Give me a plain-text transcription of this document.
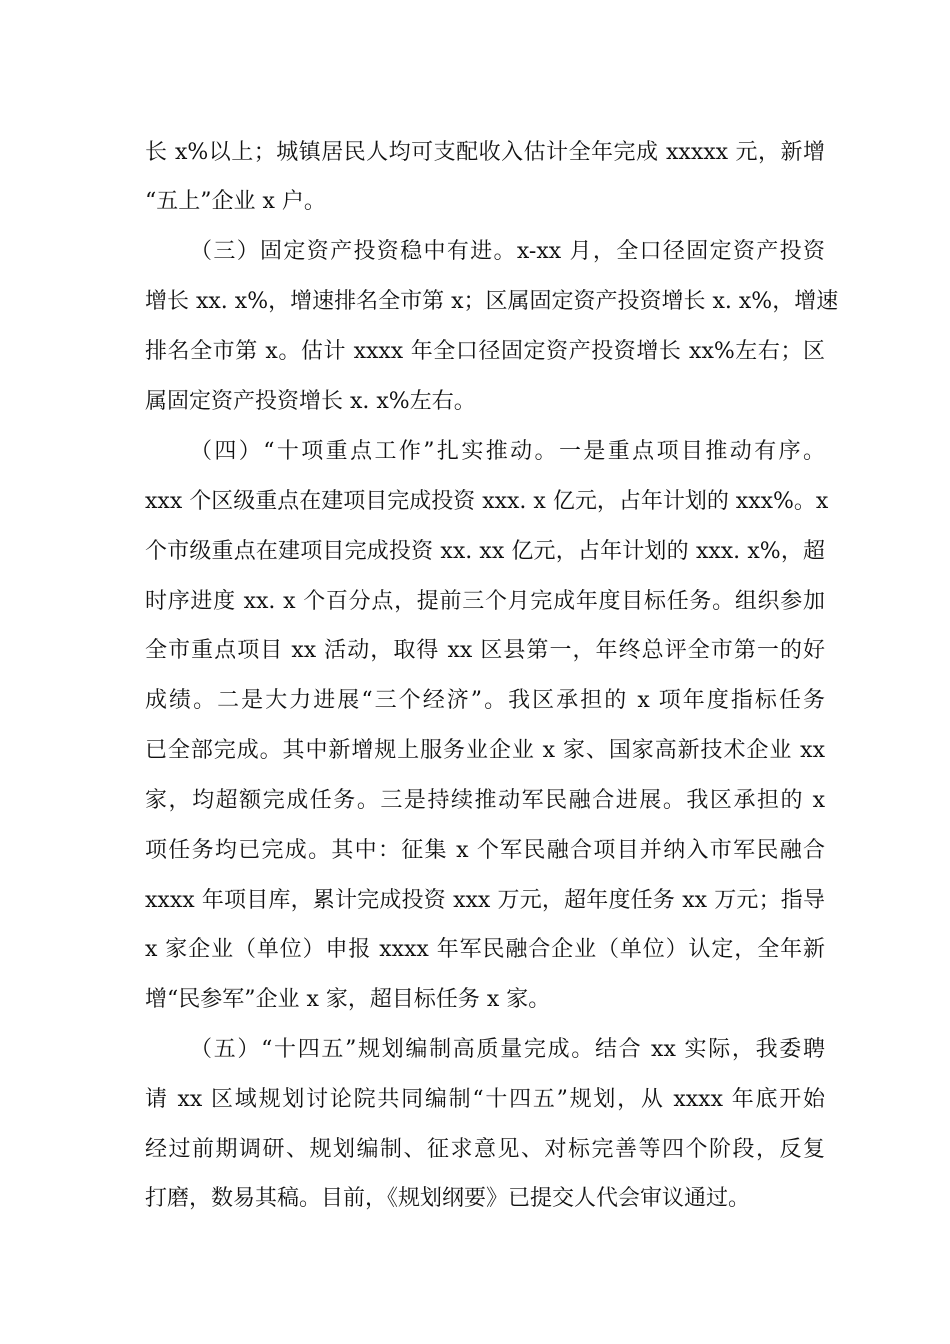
长 x%以上；城镇居民人均可支配收入估计全年完成 xxxxx 元，新增
“五上”企业 x 户。
（三）固定资产投资稳中有进。x-xx 月，全口径固定资产投资
增长 xx. x%，增速排名全市第 x；区属固定资产投资增长 x. x%，增速
排名全市第 x。估计 xxxx 年全口径固定资产投资增长 xx%左右；区
属固定资产投资增长 x. x%左右。
（四）“十项重点工作”扎实推动。一是重点项目推动有序。
xxx 个区级重点在建项目完成投资 xxx. x 亿元，占年计划的 xxx%。x
个市级重点在建项目完成投资 xx. xx 亿元，占年计划的 xxx. x%，超
时序进度 xx. x 个百分点，提前三个月完成年度目标任务。组织参加
全市重点项目 xx 活动，取得 xx 区县第一，年终总评全市第一的好
成绩。二是大力进展“三个经济”。我区承担的 x 项年度指标任务
已全部完成。其中新增规上服务业企业 x 家、国家高新技术企业 xx
家，均超额完成任务。三是持续推动军民融合进展。我区承担的 x
项任务均已完成。其中：征集 x 个军民融合项目并纳入市军民融合
xxxx 年项目库，累计完成投资 xxx 万元，超年度任务 xx 万元；指导
x 家企业（单位）申报 xxxx 年军民融合企业（单位）认定，全年新
增“民参军”企业 x 家，超目标任务 x 家。
（五）“十四五”规划编制高质量完成。结合 xx 实际，我委聘
请 xx 区域规划讨论院共同编制“十四五”规划，从 xxxx 年底开始
经过前期调研、规划编制、征求意见、对标完善等四个阶段，反复
打磨，数易其稿。目前，《规划纲要》已提交人代会审议通过。
